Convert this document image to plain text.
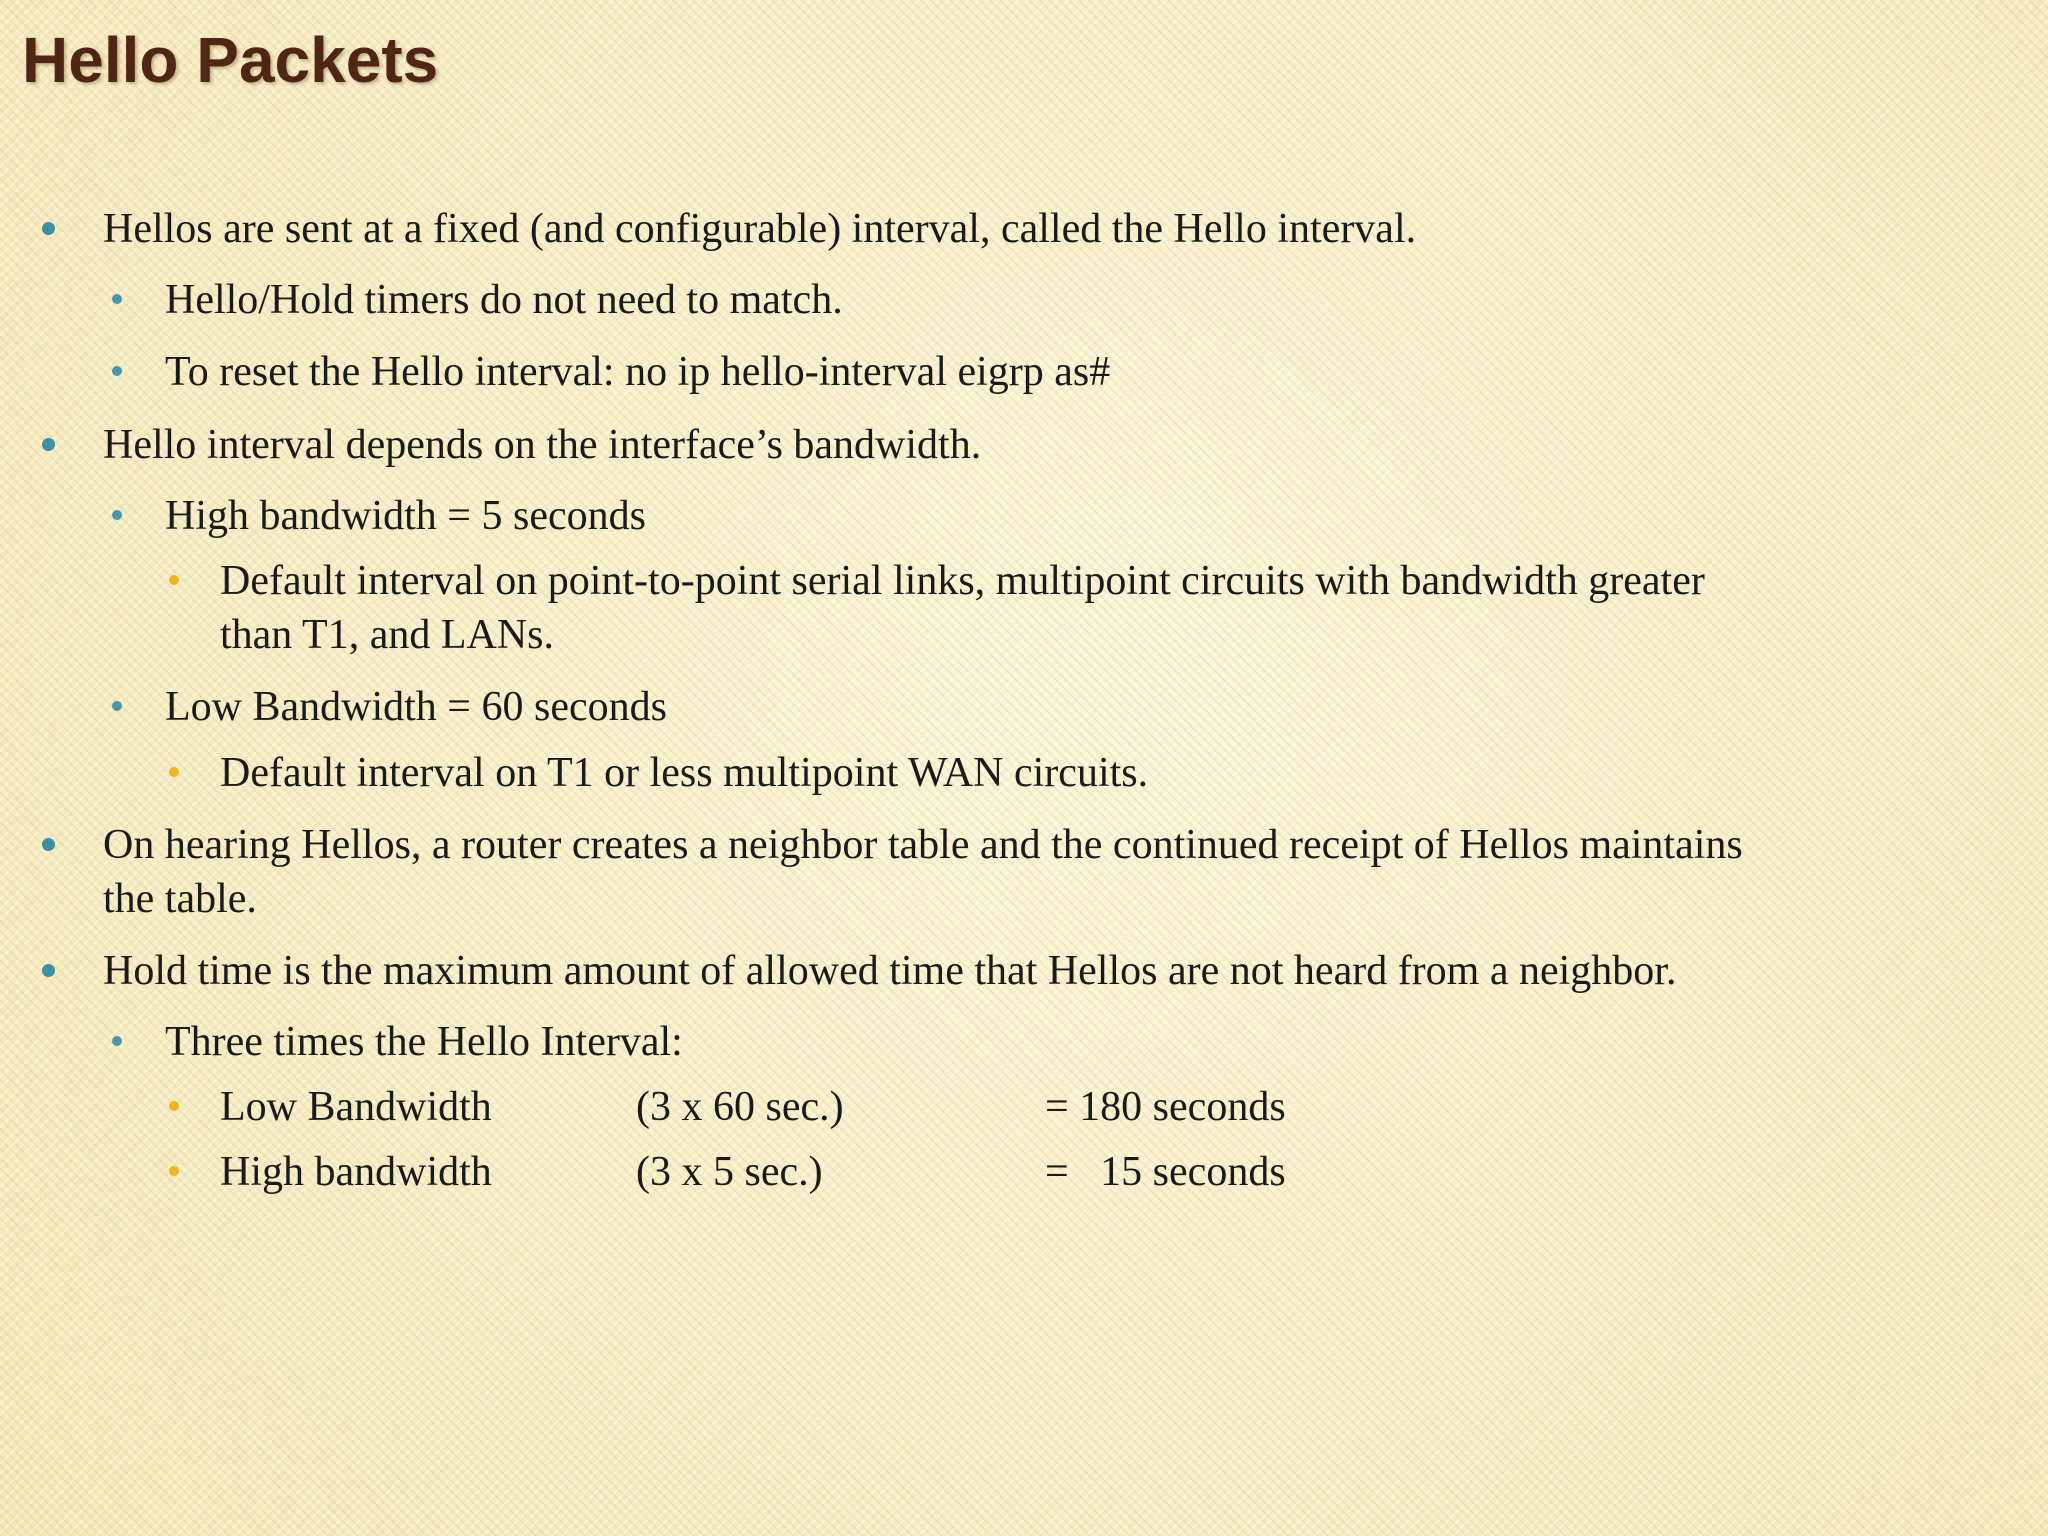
Hello Packets
Hellos are sent at a fixed (and configurable) interval, called the Hello interval.
Hello/Hold timers do not need to match.
To reset the Hello interval: no ip hello-interval eigrp as#
Hello interval depends on the interface’s bandwidth.
High bandwidth = 5 seconds
Default interval on point-to-point serial links, multipoint circuits with bandwidth greater
than T1, and LANs.
Low Bandwidth = 60 seconds
Default interval on T1 or less multipoint WAN circuits.
On hearing Hellos, a router creates a neighbor table and the continued receipt of Hellos maintains
the table.
Hold time is the maximum amount of allowed time that Hellos are not heard from a neighbor.
Three times the Hello Interval:
Low Bandwidth	(3 x 60 sec.)	= 180 seconds
High bandwidth	(3 x 5 sec.)	=   15 seconds
